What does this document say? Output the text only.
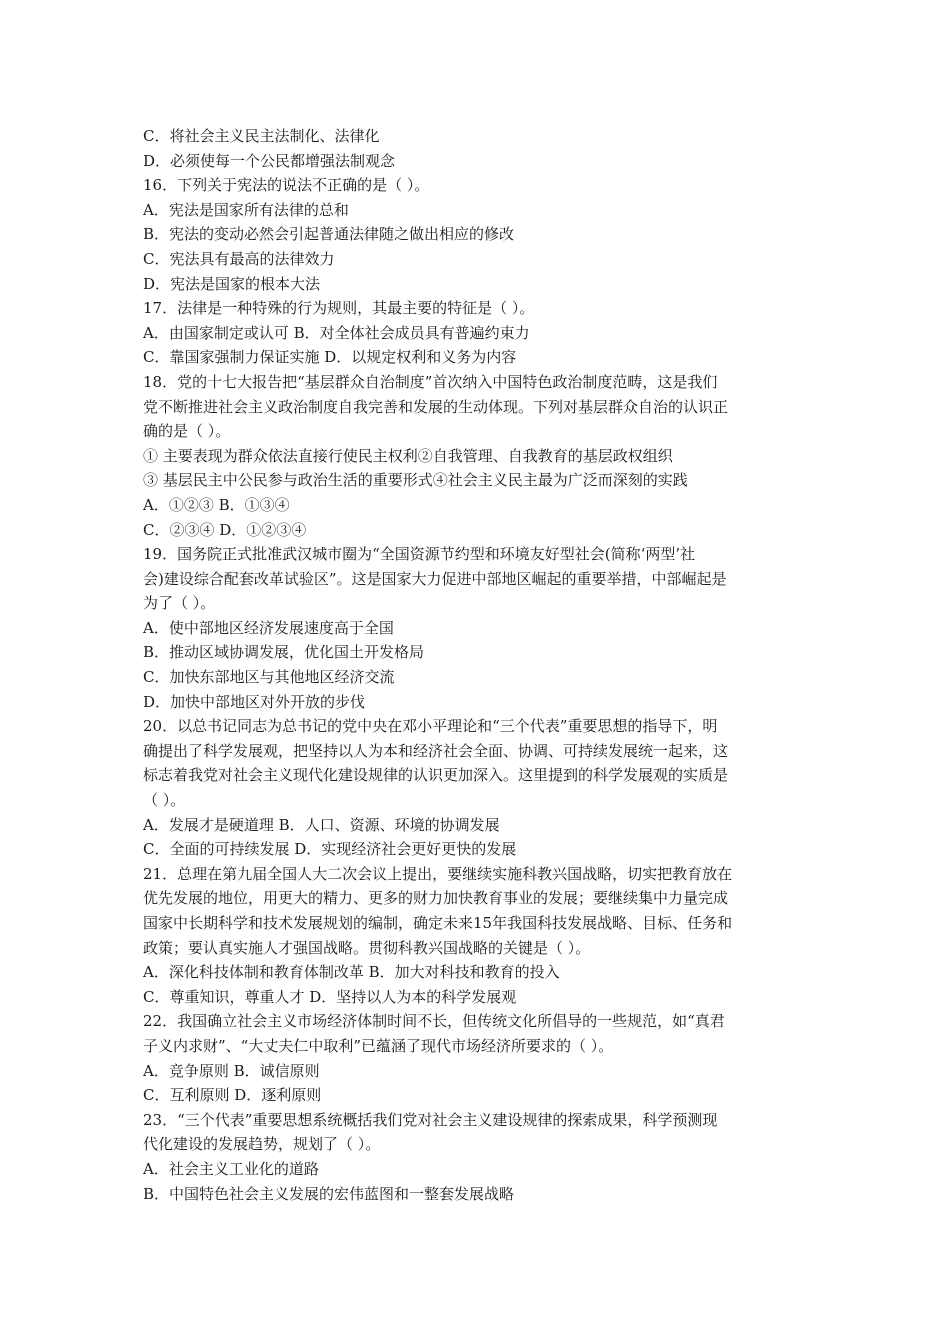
C．将社会主义民主法制化、法律化
D．必须使每一个公民都增强法制观念
16．下列关于宪法的说法不正确的是（ ）。
A．宪法是国家所有法律的总和
B．宪法的变动必然会引起普通法律随之做出相应的修改
C．宪法具有最高的法律效力
D．宪法是国家的根本大法
17．法律是一种特殊的行为规则，其最主要的特征是（ ）。
A．由国家制定或认可 B．对全体社会成员具有普遍约束力
C．靠国家强制力保证实施 D．以规定权利和义务为内容
18．党的十七大报告把“基层群众自治制度”首次纳入中国特色政治制度范畴，这是我们
党不断推进社会主义政治制度自我完善和发展的生动体现。下列对基层群众自治的认识正
确的是（ ）。
① 主要表现为群众依法直接行使民主权利②自我管理、自我教育的基层政权组织
③ 基层民主中公民参与政治生活的重要形式④社会主义民主最为广泛而深刻的实践
A．①②③ B．①③④
C．②③④ D．①②③④
19．国务院正式批准武汉城市圈为“全国资源节约型和环境友好型社会(简称‘两型’社
会)建设综合配套改革试验区”。这是国家大力促进中部地区崛起的重要举措，中部崛起是
为了（ ）。
A．使中部地区经济发展速度高于全国
B．推动区域协调发展，优化国土开发格局
C．加快东部地区与其他地区经济交流
D．加快中部地区对外开放的步伐
20．以总书记同志为总书记的党中央在邓小平理论和“三个代表”重要思想的指导下，明
确提出了科学发展观，把坚持以人为本和经济社会全面、协调、可持续发展统一起来，这
标志着我党对社会主义现代化建设规律的认识更加深入。这里提到的科学发展观的实质是
（ ）。
A．发展才是硬道理 B．人口、资源、环境的协调发展
C．全面的可持续发展 D．实现经济社会更好更快的发展
21．总理在第九届全国人大二次会议上提出，要继续实施科教兴国战略，切实把教育放在
优先发展的地位，用更大的精力、更多的财力加快教育事业的发展；要继续集中力量完成
国家中长期科学和技术发展规划的编制，确定未来15年我国科技发展战略、目标、任务和
政策；要认真实施人才强国战略。贯彻科教兴国战略的关键是（ ）。
A．深化科技体制和教育体制改革 B．加大对科技和教育的投入
C．尊重知识，尊重人才 D．坚持以人为本的科学发展观
22．我国确立社会主义市场经济体制时间不长，但传统文化所倡导的一些规范，如“真君
子义内求财”、“大丈夫仁中取利”已蕴涵了现代市场经济所要求的（ ）。
A．竞争原则 B．诚信原则
C．互利原则 D．逐利原则
23．“三个代表”重要思想系统概括我们党对社会主义建设规律的探索成果，科学预测现
代化建设的发展趋势，规划了（ ）。
A．社会主义工业化的道路
B．中国特色社会主义发展的宏伟蓝图和一整套发展战略
